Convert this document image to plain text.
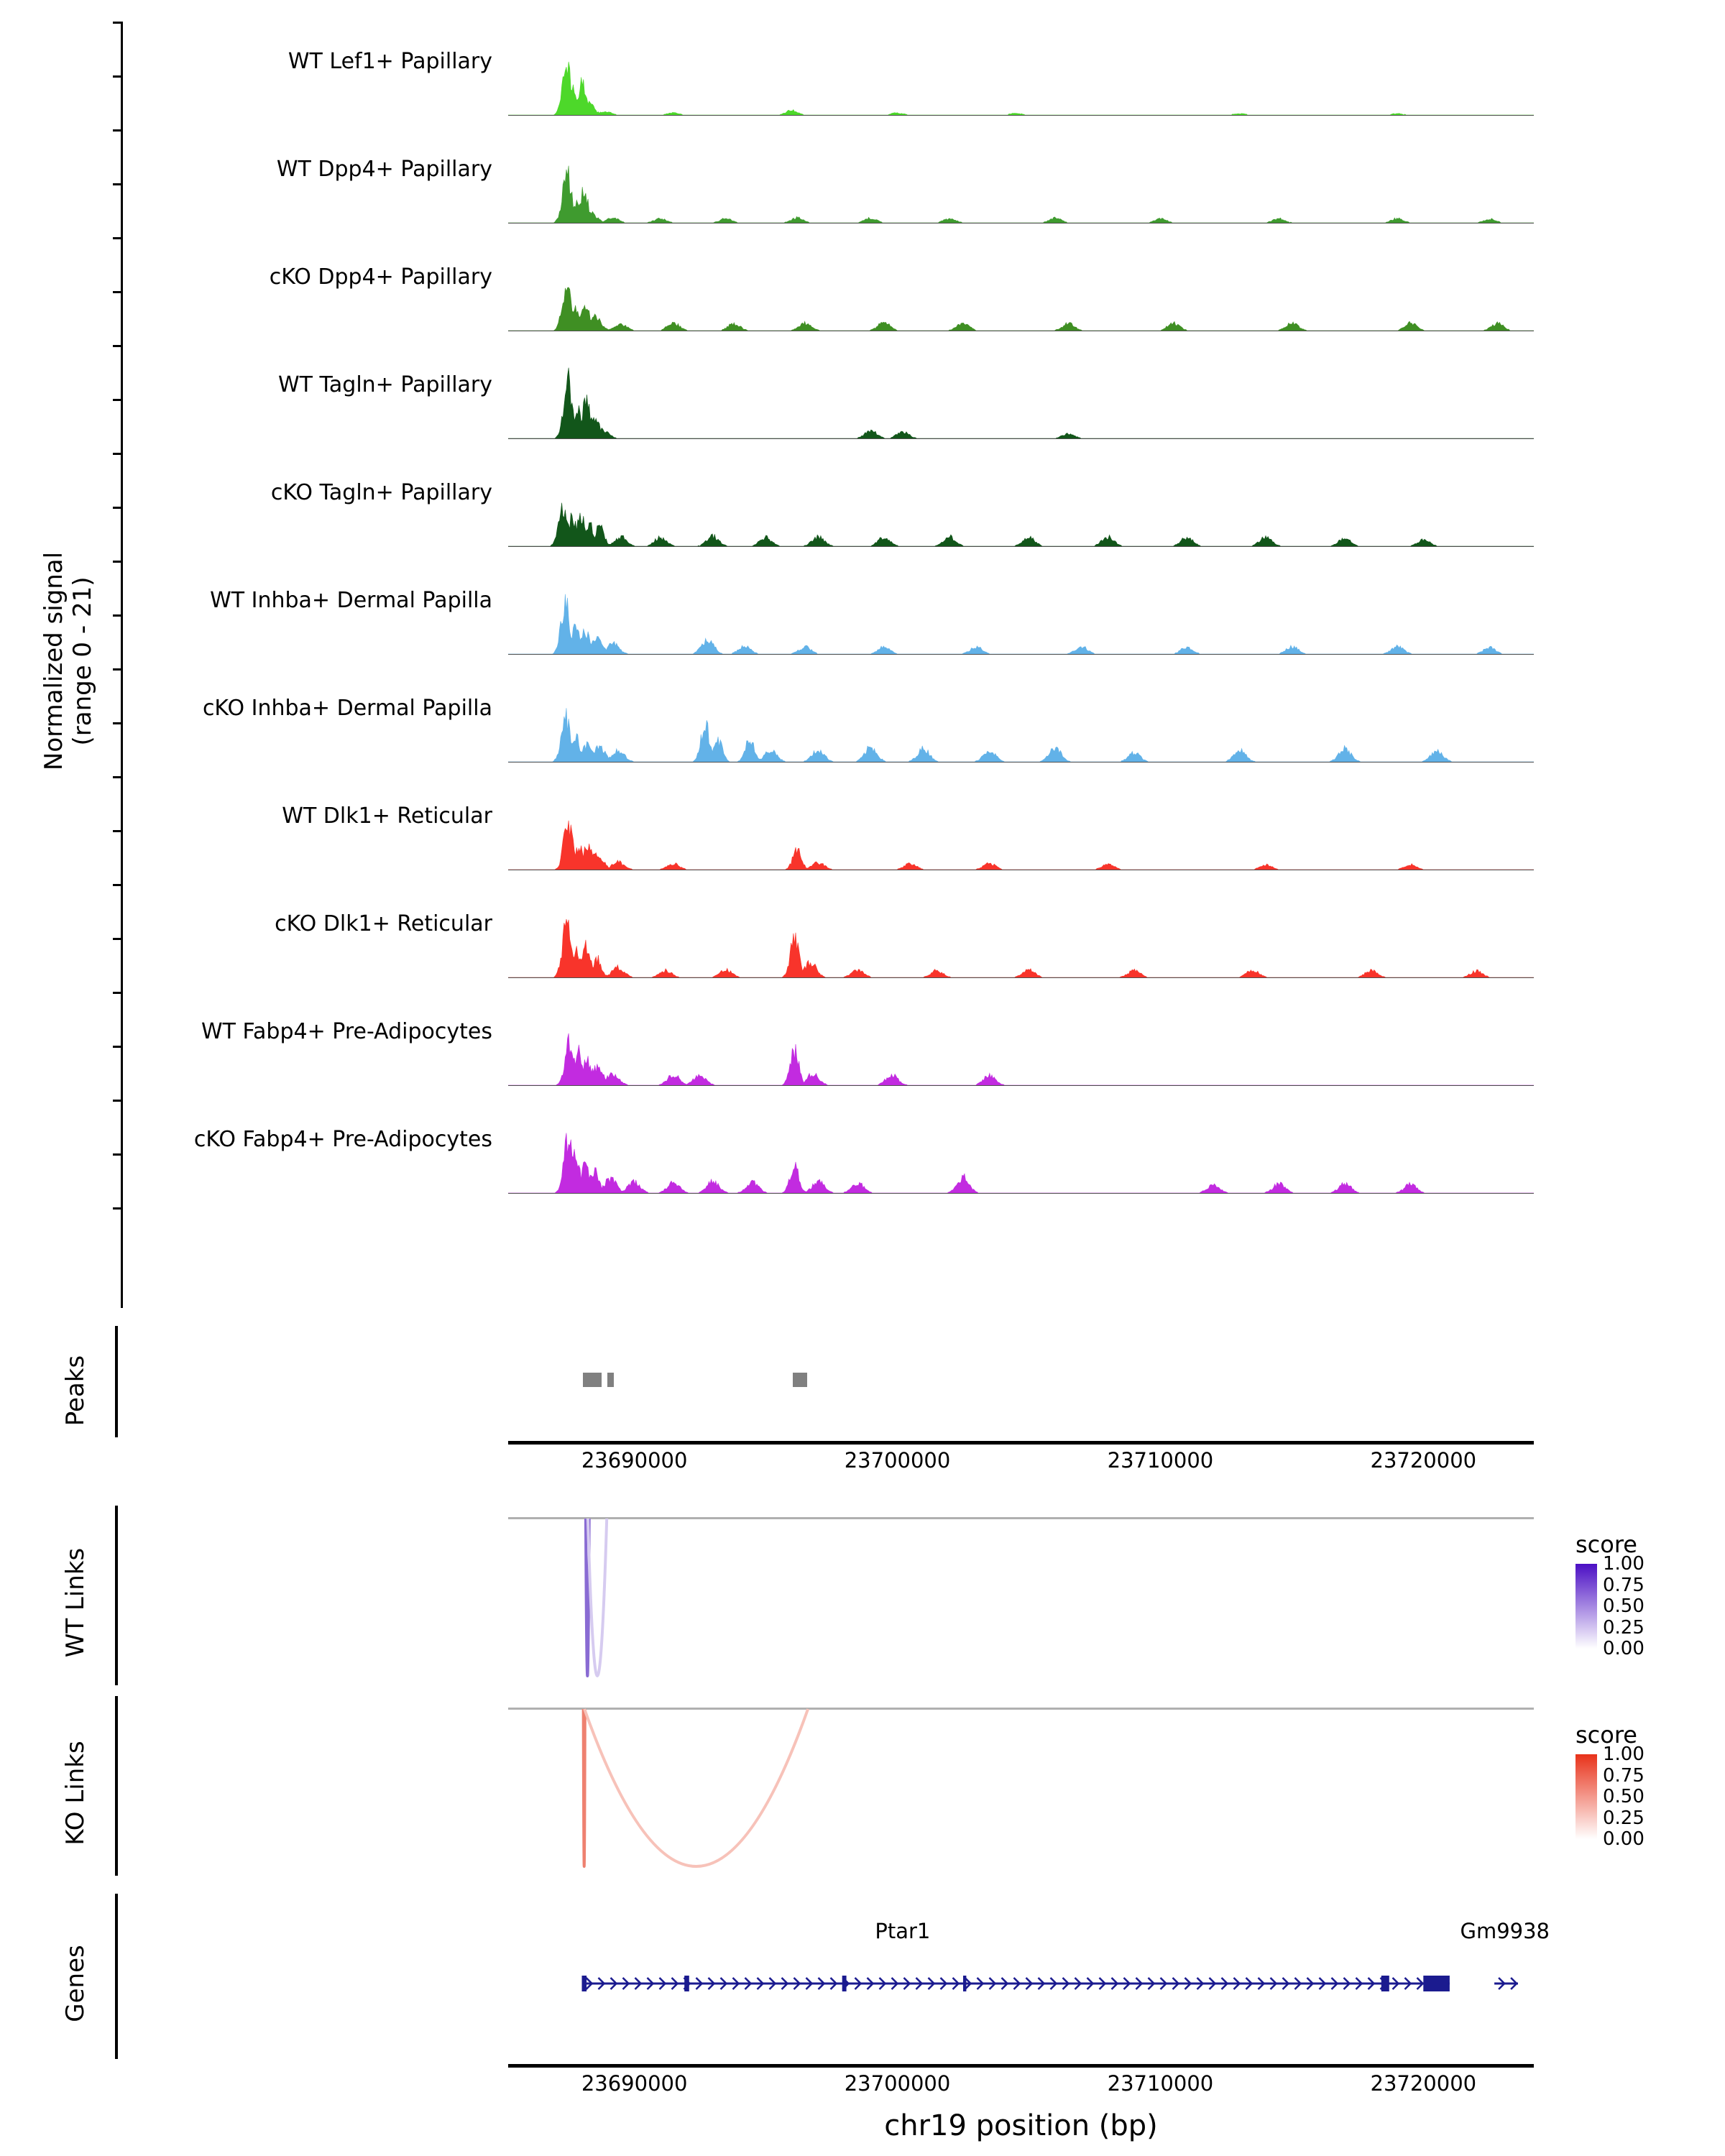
Normalized signal (range 0 - 21)
WT Lef1+ Papillary
WT Dpp4+ Papillary
cKO Dpp4+ Papillary
WT Tagln+ Papillary
cKO Tagln+ Papillary
WT Inhba+ Dermal Papilla
cKO Inhba+ Dermal Papilla
WT Dlk1+ Reticular
cKO Dlk1+ Reticular
WT Fabp4+ Pre-Adipocytes
cKO Fabp4+ Pre-Adipocytes
Peaks
23690000	23700000	23710000	23720000
WT Links
KO Links
score
1.00
0.75
0.50
0.25
0.00
score
1.00
0.75
0.50
0.25
0.00
Genes
Ptar1	Gm9938
23690000	23700000	23710000	23720000
chr19 position (bp)
